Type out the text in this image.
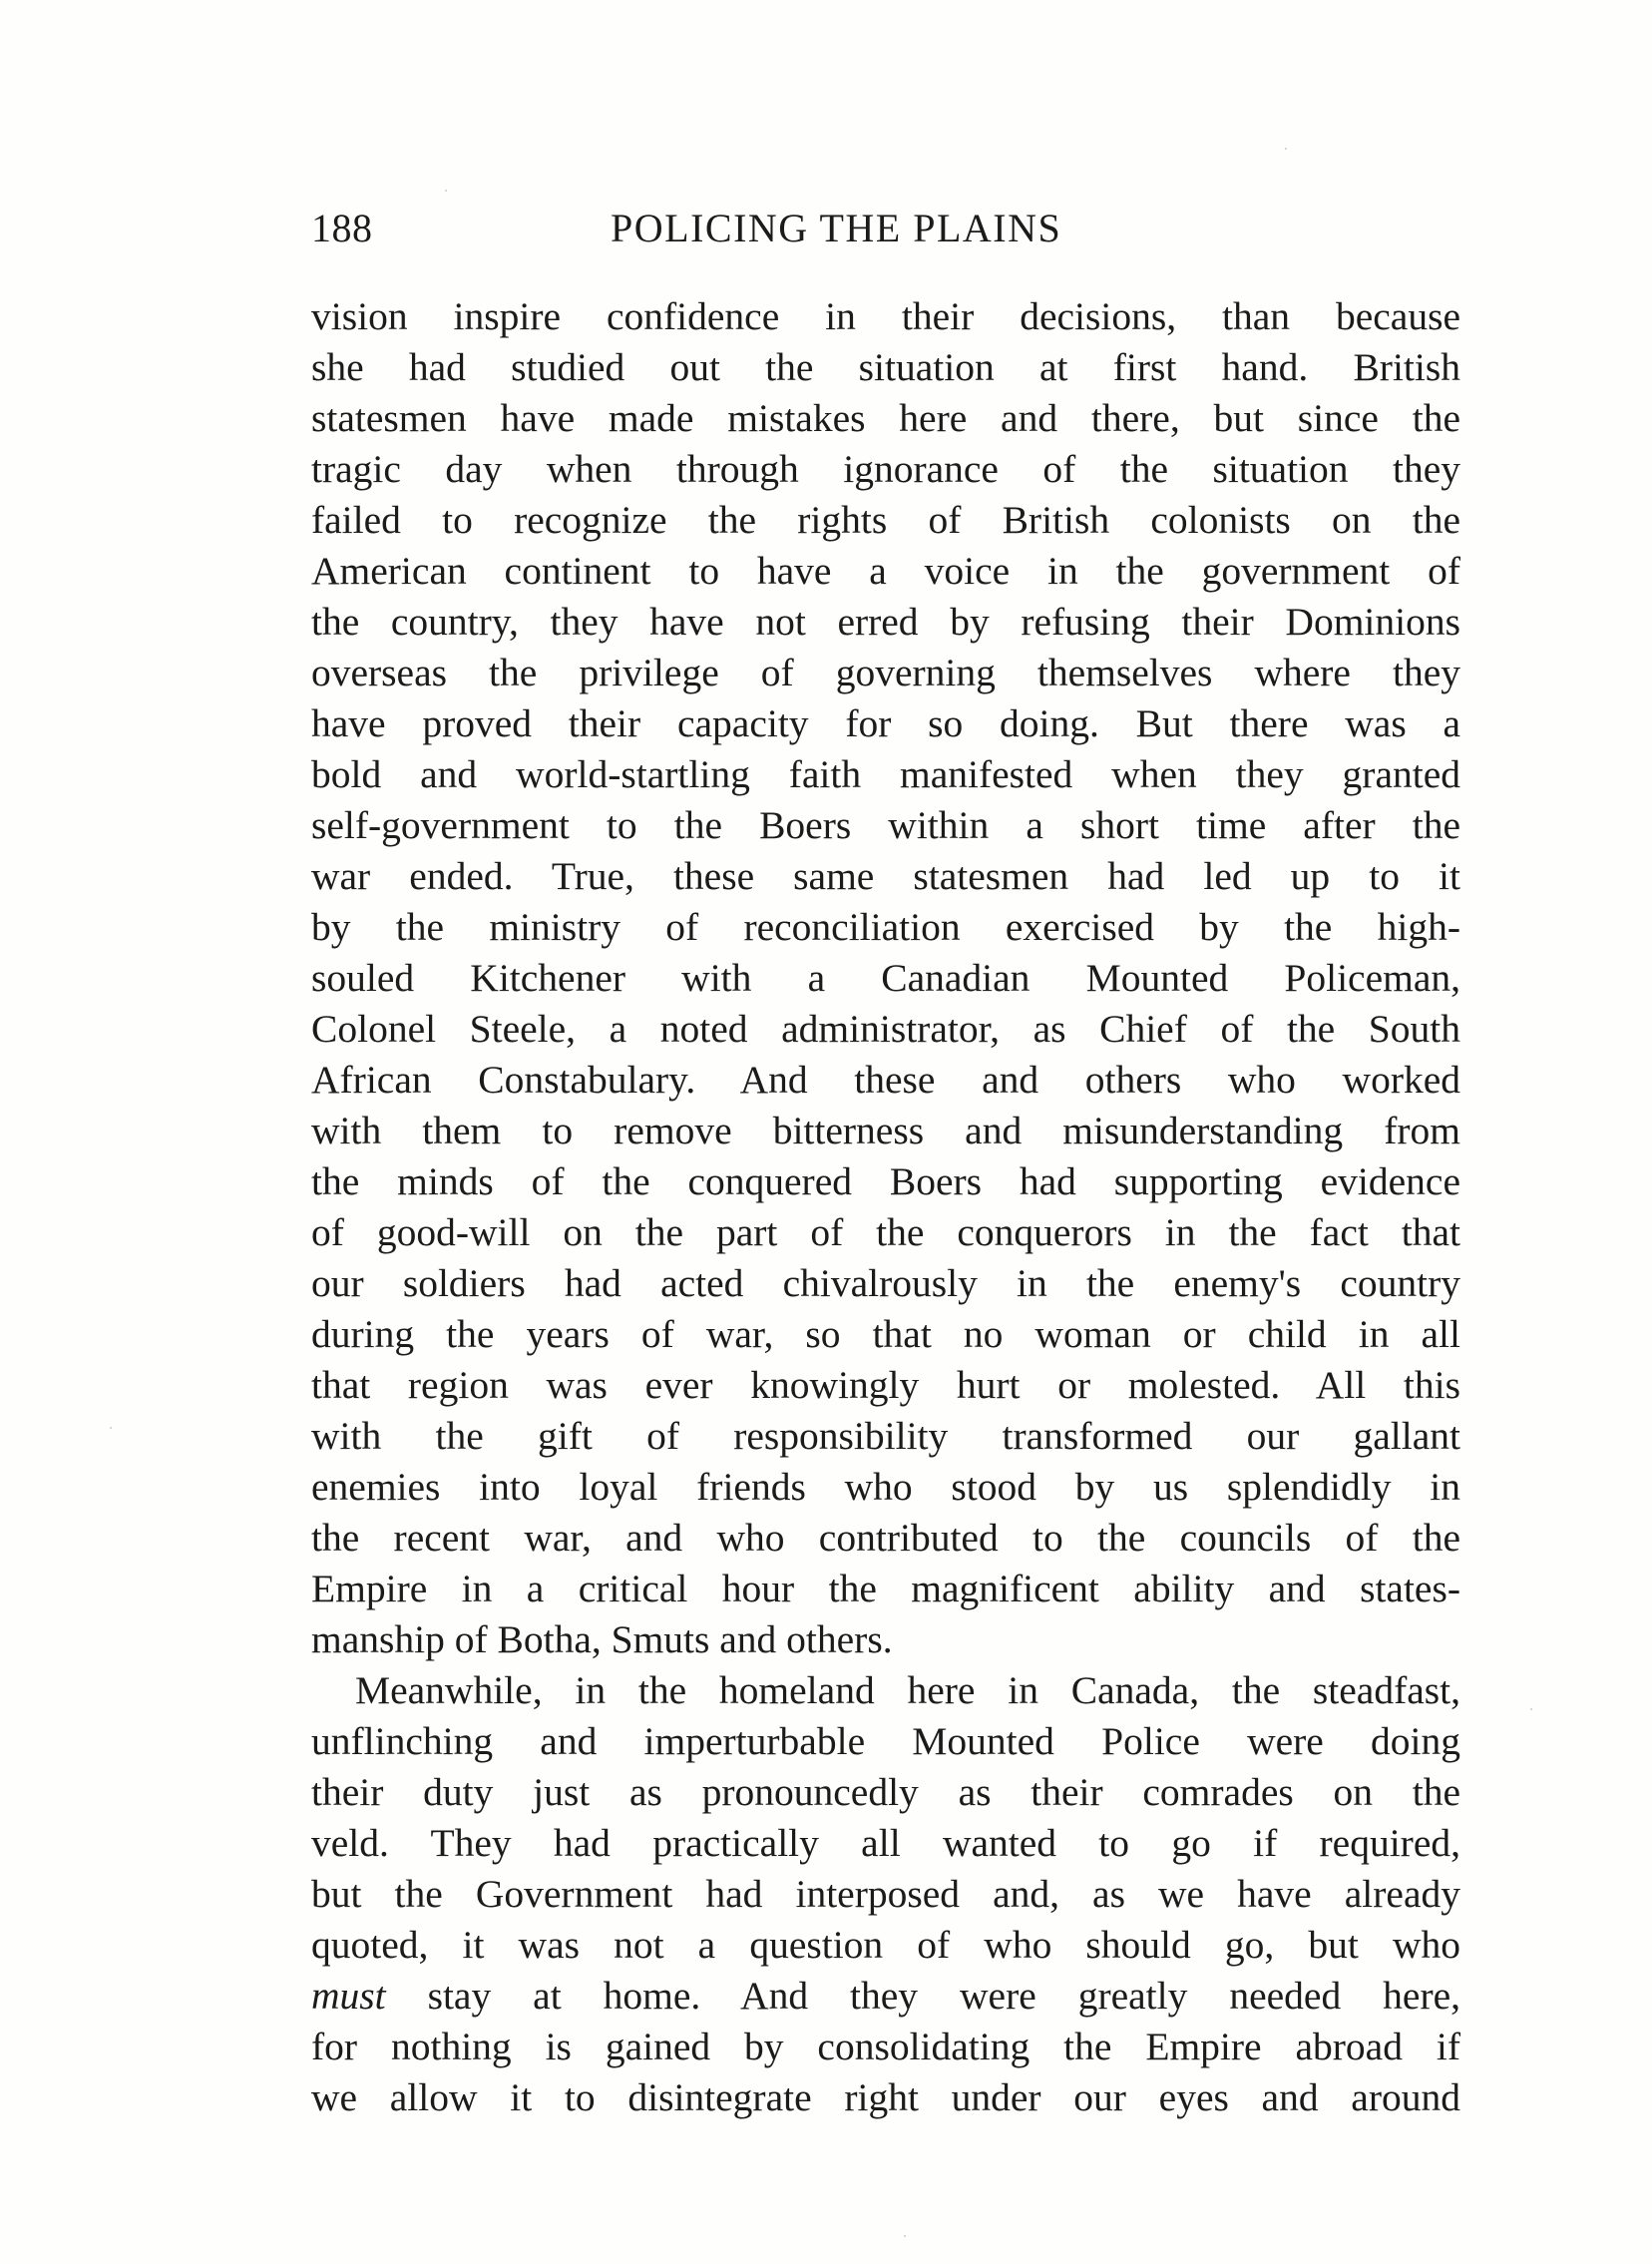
188	POLICING THE PLAINS
vision inspire confidence in their decisions, than because
she had studied out the situation at first hand. British
statesmen have made mistakes here and there, but since the
tragic day when through ignorance of the situation they
failed to recognize the rights of British colonists on the
American continent to have a voice in the government of
the country, they have not erred by refusing their Dominions
overseas the privilege of governing themselves where they
have proved their capacity for so doing. But there was a
bold and world-startling faith manifested when they granted
self-government to the Boers within a short time after the
war ended. True, these same statesmen had led up to it
by the ministry of reconciliation exercised by the high-
souled Kitchener with a Canadian Mounted Policeman,
Colonel Steele, a noted administrator, as Chief of the South
African Constabulary. And these and others who worked
with them to remove bitterness and misunderstanding from
the minds of the conquered Boers had supporting evidence
of good-will on the part of the conquerors in the fact that
our soldiers had acted chivalrously in the enemy's country
during the years of war, so that no woman or child in all
that region was ever knowingly hurt or molested. All this
with the gift of responsibility transformed our gallant
enemies into loyal friends who stood by us splendidly in
the recent war, and who contributed to the councils of the
Empire in a critical hour the magnificent ability and states-
manship of Botha, Smuts and others.
Meanwhile, in the homeland here in Canada, the steadfast,
unflinching and imperturbable Mounted Police were doing
their duty just as pronouncedly as their comrades on the
veld. They had practically all wanted to go if required,
but the Government had interposed and, as we have already
quoted, it was not a question of who should go, but who
must stay at home. And they were greatly needed here,
for nothing is gained by consolidating the Empire abroad if
we allow it to disintegrate right under our eyes and around
